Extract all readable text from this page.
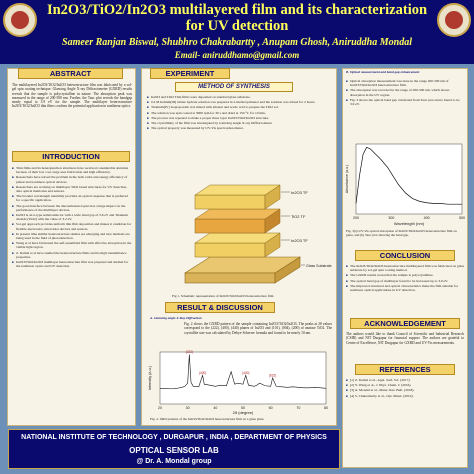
In2O3/TiO2/In2O3 multilayered film and its characterization
for UV detection
Sameer Ranjan Biswal, Shubhro Chakrabartty , Anupam Ghosh, Aniruddha Mondal
Email- aniruddhamo@gmail.com
ABSTRACT
The multilayered In2O3/TiO2/In2O3 heterostructure film was fabricated by a sol-gel spin coating technique. Glancing Angle X-ray Diffractometer (GXRD) results reveals that the sample is polycrystalline in nature. The absorption peak was measured in the range of 200-500 nm. Further, the Tauc plot reveals the bandgap nearly equal to 3.9 eV for the sample. The multilayer heterostructure In2O3/TiO2/In2O3 thin films confirm the potential application in nonlinear optics.
INTRODUCTION
■ Thin films and its heterojunction structures have received considerable attention because of their low cost, large area fabrication and high efficiency.
■ Researchers have solved the problem in the both cadre and energy efficiency of planar and nonlinear optical devices.
■ Researchers are working on multilayer TiO2 based structures for UV detection, data optical memories and sensors.
■ The broader wavelength tunability provides an optical response that is preferred for a specific application.
■ The good interface between the discontinuous layers has a huge impact on the performance of the multilayer devices.
■ In2O3 is an n-type semiconductor with a wide band gap of 3.6 eV and Titanium dioxide (TiO2) with the value of 3.2 eV.
■ Sol-gel approach provides uniform thin film deposition and makes it candidate for flexible electronics, ultraviolet devices and sensors.
■ In present time similar heterostructure studies are emerging and new methods are being used in the field of photodetection.
■ Wang et al have fabricated the self-assembled film with effective absorption in the visible light region.
■ Z. Kamal et al have studied the heterostructure films and its high transmittance properties.
■ In2O3/TiO2/In2O3 multilayer heterostructure film was prepared and studied for the nonlinear optics and UV detection.
EXPERIMENT
METHOD OF SYNTHESIS
■ In2O3 and TiO2 Thin films were deposited on standard glass substrate.
■ 0.4 M Indium(III) nitrate hydrate solution was prepared in 2-methoxyethanol and the solution was stirred for 2 hours.
■ Titanium(IV) isopropoxide was mixed with ethanol and acetic acid to prepare the TiO2 sol.
■ The solution was spin coated at 3000 rpm for 30 s and dried at 150 °C for 10 min.
■ The process was repeated to make a proper three layer In2O3/TiO2/In2O3 structure.
■ The crystallinity of the film was investigated by Glancing Angle X-ray Diffractometer.
■ The optical property was measured by UV-Vis spectrophotometer.
In2O3 TF
TiO2 TF
In2O3 TF
Glass Substrate
Fig 1. Schematic representation of In2O3/TiO2/In2O3 heterostructure film
RESULT & DISCUSSION
A. Glancing angle X-Ray Diffraction
Fig. 2 shows the GXRD pattern of the sample containing In2O3/TiO2/In2O3. The peaks at 2θ values correspond to the (222), (400), (440) planes of In2O3 and (101), (004), (200) of anatase TiO2. The crystallite size was calculated by Debye-Scherrer formula and found to be nearly 10 nm.
20	30	40	50	60	70	80
2θ (degree)
Intensity (a.u.)
(222)
(400)	(440)
(622)
Fig. 2. XRD patterns of the In2O3/TiO2/In2O3 heterostructure film on a glass plate.
B. Optical measurement and band gap enhancement
■ Optical absorption measurement was done in the range 200-500 nm of In2O3/TiO2/In2O3 heterostructure film.
■ The absorption was recorded in the range of 200-500 nm, which shows absorption in the UV region.
■ Fig. 3 shows the optical band gap calculated from Tauc plot and is found to be 3.9 eV.
200	300	400	500
Wavelength (nm)
Absorbance (a.u.)
Fig. 3(a) UV-Vis optical absorption of In2O3/TiO2/In2O3 heterostructure film on glass, and (b) Tauc plot showing the band gap.
CONCLUSION
■ The In2O3/TiO2/In2O3 heterostructure multilayered film was fabricated on glass substrate by sol-gel spin coating method.
■ The GXRD results reveal that the sample is polycrystalline.
■ The optical band gap of multilayer found to be increased up to 3.9 eV.
■ The improved structural and optical characteristics make the film suitable for nonlinear optical applications in UV detection.
ACKNOWLEDGEMENT
The authors would like to thank Council of Scientific and Industrial Research (CSIR) and NIT Durgapur for financial support. The authors are grateful to Centre of Excellence, NIT Durgapur for GXRD and UV-Vis measurements.
REFERENCES
■ [1] Z. Kamal et al., Appl. Surf. Sci. (2017).
■ [2] Y. Wang et al., J. Phys. Chem. C (2016).
■ [3] A. Mondal et al., Mater. Res. Bull. (2018).
■ [4] S. Chakrabartty et al., Opt. Mater. (2019).
NATIONAL INSTITUTE OF TECHNOLOGY , DURGAPUR , INDIA , DEPARTMENT OF PHYSICS
OPTICAL SENSOR LAB
@ Dr. A. Mondal group
